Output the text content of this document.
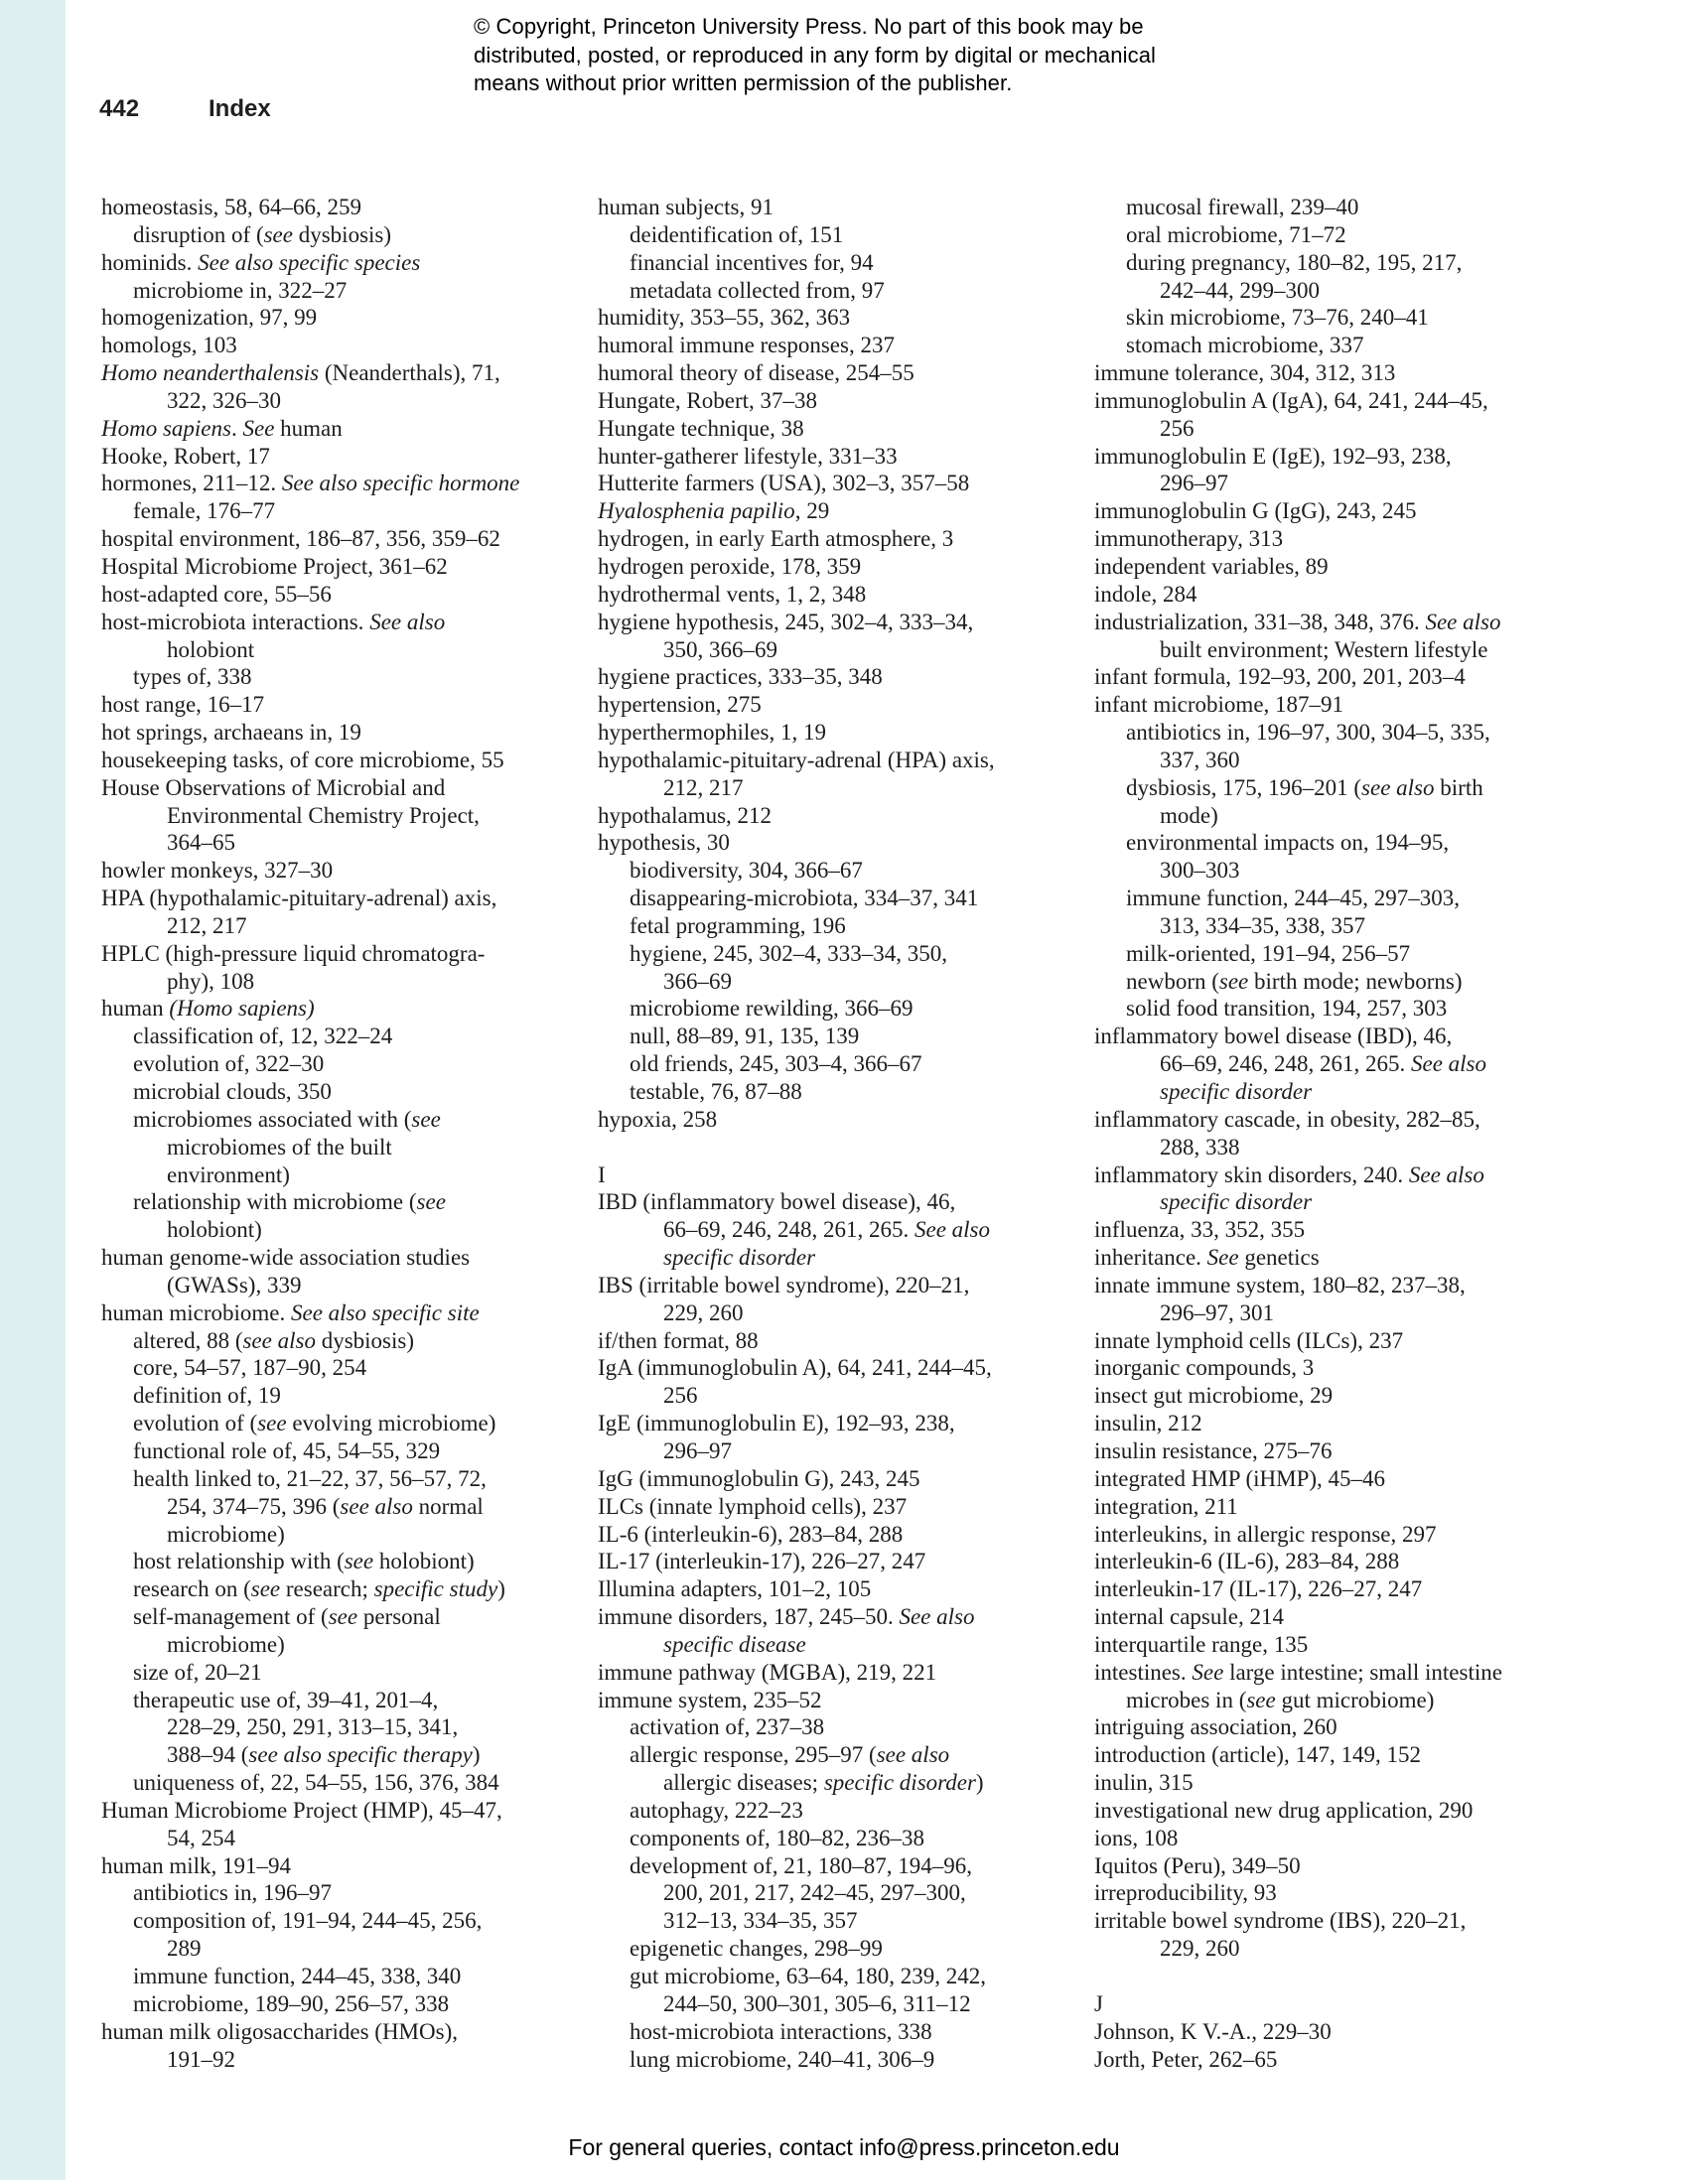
© Copyright, Princeton University Press. No part of this book may be
distributed, posted, or reproduced in any form by digital or mechanical
means without prior written permission of the publisher.
442	Index
homeostasis, 58, 64–66, 259
disruption of (see dysbiosis)
hominids. See also specific species
microbiome in, 322–27
homogenization, 97, 99
homologs, 103
Homo neanderthalensis (Neanderthals), 71,
322, 326–30
Homo sapiens. See human
Hooke, Robert, 17
hormones, 211–12. See also specific hormone
female, 176–77
hospital environment, 186–87, 356, 359–62
Hospital Microbiome Project, 361–62
host-adapted core, 55–56
host-microbiota interactions. See also
holobiont
types of, 338
host range, 16–17
hot springs, archaeans in, 19
housekeeping tasks, of core microbiome, 55
House Observations of Microbial and
Environmental Chemistry Project,
364–65
howler monkeys, 327–30
HPA (hypothalamic-pituitary-adrenal) axis,
212, 217
HPLC (high-pressure liquid chromatogra-
phy), 108
human (Homo sapiens)
classification of, 12, 322–24
evolution of, 322–30
microbial clouds, 350
microbiomes associated with (see
microbiomes of the built
environment)
relationship with microbiome (see
holobiont)
human genome-wide association studies
(GWASs), 339
human microbiome. See also specific site
altered, 88 (see also dysbiosis)
core, 54–57, 187–90, 254
definition of, 19
evolution of (see evolving microbiome)
functional role of, 45, 54–55, 329
health linked to, 21–22, 37, 56–57, 72,
254, 374–75, 396 (see also normal
microbiome)
host relationship with (see holobiont)
research on (see research; specific study)
self-management of (see personal
microbiome)
size of, 20–21
therapeutic use of, 39–41, 201–4,
228–29, 250, 291, 313–15, 341,
388–94 (see also specific therapy)
uniqueness of, 22, 54–55, 156, 376, 384
Human Microbiome Project (HMP), 45–47,
54, 254
human milk, 191–94
antibiotics in, 196–97
composition of, 191–94, 244–45, 256,
289
immune function, 244–45, 338, 340
microbiome, 189–90, 256–57, 338
human milk oligosaccharides (HMOs),
191–92
human subjects, 91
deidentification of, 151
financial incentives for, 94
metadata collected from, 97
humidity, 353–55, 362, 363
humoral immune responses, 237
humoral theory of disease, 254–55
Hungate, Robert, 37–38
Hungate technique, 38
hunter-gatherer lifestyle, 331–33
Hutterite farmers (USA), 302–3, 357–58
Hyalosphenia papilio, 29
hydrogen, in early Earth atmosphere, 3
hydrogen peroxide, 178, 359
hydrothermal vents, 1, 2, 348
hygiene hypothesis, 245, 302–4, 333–34,
350, 366–69
hygiene practices, 333–35, 348
hypertension, 275
hyperthermophiles, 1, 19
hypothalamic-pituitary-adrenal (HPA) axis,
212, 217
hypothalamus, 212
hypothesis, 30
biodiversity, 304, 366–67
disappearing-microbiota, 334–37, 341
fetal programming, 196
hygiene, 245, 302–4, 333–34, 350,
366–69
microbiome rewilding, 366–69
null, 88–89, 91, 135, 139
old friends, 245, 303–4, 366–67
testable, 76, 87–88
hypoxia, 258
I
IBD (inflammatory bowel disease), 46,
66–69, 246, 248, 261, 265. See also
specific disorder
IBS (irritable bowel syndrome), 220–21,
229, 260
if/then format, 88
IgA (immunoglobulin A), 64, 241, 244–45,
256
IgE (immunoglobulin E), 192–93, 238,
296–97
IgG (immunoglobulin G), 243, 245
ILCs (innate lymphoid cells), 237
IL-6 (interleukin-6), 283–84, 288
IL-17 (interleukin-17), 226–27, 247
Illumina adapters, 101–2, 105
immune disorders, 187, 245–50. See also
specific disease
immune pathway (MGBA), 219, 221
immune system, 235–52
activation of, 237–38
allergic response, 295–97 (see also
allergic diseases; specific disorder)
autophagy, 222–23
components of, 180–82, 236–38
development of, 21, 180–87, 194–96,
200, 201, 217, 242–45, 297–300,
312–13, 334–35, 357
epigenetic changes, 298–99
gut microbiome, 63–64, 180, 239, 242,
244–50, 300–301, 305–6, 311–12
host-microbiota interactions, 338
lung microbiome, 240–41, 306–9
mucosal firewall, 239–40
oral microbiome, 71–72
during pregnancy, 180–82, 195, 217,
242–44, 299–300
skin microbiome, 73–76, 240–41
stomach microbiome, 337
immune tolerance, 304, 312, 313
immunoglobulin A (IgA), 64, 241, 244–45,
256
immunoglobulin E (IgE), 192–93, 238,
296–97
immunoglobulin G (IgG), 243, 245
immunotherapy, 313
independent variables, 89
indole, 284
industrialization, 331–38, 348, 376. See also
built environment; Western lifestyle
infant formula, 192–93, 200, 201, 203–4
infant microbiome, 187–91
antibiotics in, 196–97, 300, 304–5, 335,
337, 360
dysbiosis, 175, 196–201 (see also birth
mode)
environmental impacts on, 194–95,
300–303
immune function, 244–45, 297–303,
313, 334–35, 338, 357
milk-oriented, 191–94, 256–57
newborn (see birth mode; newborns)
solid food transition, 194, 257, 303
inflammatory bowel disease (IBD), 46,
66–69, 246, 248, 261, 265. See also
specific disorder
inflammatory cascade, in obesity, 282–85,
288, 338
inflammatory skin disorders, 240. See also
specific disorder
influenza, 33, 352, 355
inheritance. See genetics
innate immune system, 180–82, 237–38,
296–97, 301
innate lymphoid cells (ILCs), 237
inorganic compounds, 3
insect gut microbiome, 29
insulin, 212
insulin resistance, 275–76
integrated HMP (iHMP), 45–46
integration, 211
interleukins, in allergic response, 297
interleukin-6 (IL-6), 283–84, 288
interleukin-17 (IL-17), 226–27, 247
internal capsule, 214
interquartile range, 135
intestines. See large intestine; small intestine
microbes in (see gut microbiome)
intriguing association, 260
introduction (article), 147, 149, 152
inulin, 315
investigational new drug application, 290
ions, 108
Iquitos (Peru), 349–50
irreproducibility, 93
irritable bowel syndrome (IBS), 220–21,
229, 260
J
Johnson, K V.-A., 229–30
Jorth, Peter, 262–65
For general queries, contact info@press.princeton.edu
